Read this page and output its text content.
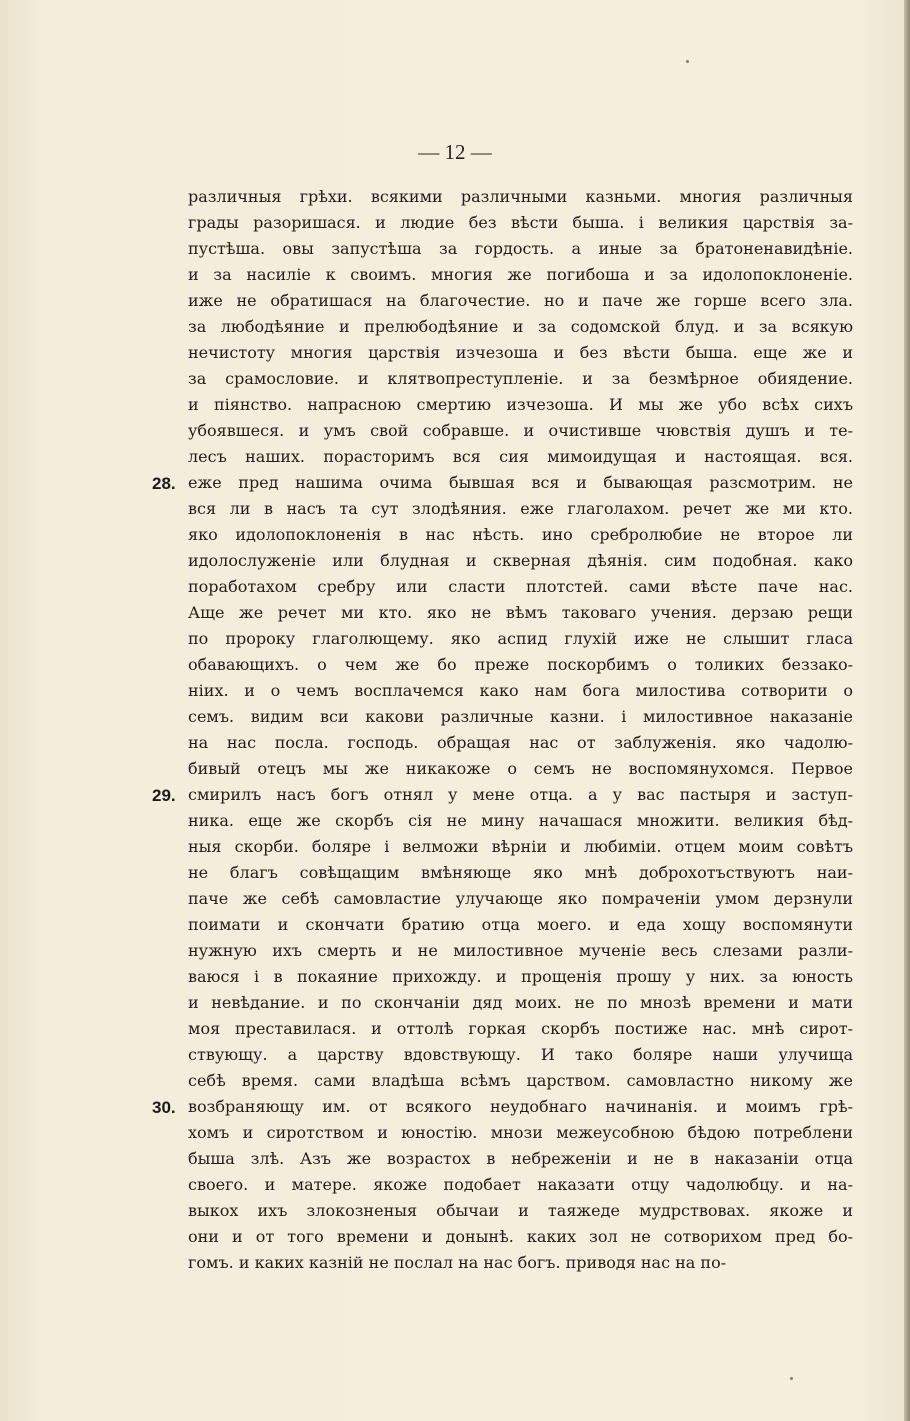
— 12 —
28.
29.
30.
различныя грѣхи. всякими различными казньми. многия различныя
грады разоришася. и людие без вѣсти быша. і великия царствія за-
пустѣша. овы запустѣша за гордость. а иные за братоненавидѣніе.
и за насиліе к своимъ. многия же погибоша и за идолопоклоненіе.
иже не обратишася на благочестие. но и паче же горше всего зла.
за любодѣяние и прелюбодѣяние и за содомской блуд. и за всякую
нечистоту многия царствія изчезоша и без вѣсти быша. еще же и
за срамословие. и клятвопреступленіе. и за безмѣрное обиядение.
и піянство. напрасною смертию изчезоша. И мы же убо всѣх сихъ
убоявшеся. и умъ свой собравше. и очистивше чювствія душъ и те-
лесъ наших. порасторимъ вся сия мимоидущая и настоящая. вся.
еже пред нашима очима бывшая вся и бывающая разсмотрим. не
вся ли в насъ та сут злодѣяния. еже глаголахом. речет же ми кто.
яко идолопоклоненія в нас нѣсть. ино сребролюбие не второе ли
идолослуженіе или блудная и скверная дѣянія. сим подобная. како
поработахом сребру или сласти плотстей. сами вѣсте паче нас.
Аще же речет ми кто. яко не вѣмъ таковаго учения. дерзаю рещи
по пророку глаголющему. яко аспид глухій иже не слышит гласа
обавающихъ. о чем же бо преже поскорбимъ о толиких беззако-
ніих. и о чемъ восплачемся како нам бога милостива сотворити о
семъ. видим вси какови различные казни. і милостивное наказаніе
на нас посла. господь. обращая нас от заблуженія. яко чадолю-
бивый отецъ мы же никакоже о семъ не воспомянухомся. Первое
смирилъ насъ богъ отнял у мене отца. а у вас пастыря и заступ-
ника. еще же скорбъ сія не мину начашася множити. великия бѣд-
ныя скорби. боляре і велможи вѣрніи и любиміи. отцем моим совѣтъ
не благъ совѣщащим вмѣняюще яко мнѣ доброхотъствуютъ наи-
паче же себѣ самовластие улучающе яко помраченіи умом дерзнули
поимати и скончати братию отца моего. и еда хощу воспомянути
нужную ихъ смерть и не милостивное мученіе весь слезами разли-
ваюся і в покаяние прихожду. и прощенія прошу у них. за юность
и невѣдание. и по скончаніи дяд моих. не по мнозѣ времени и мати
моя преставилася. и оттолѣ горкая скорбъ постиже нас. мнѣ сирот-
ствующу. а царству вдовствующу. И тако боляре наши улучища
себѣ время. сами владѣша всѣмъ царством. самовластно никому же
возбраняющу им. от всякого неудобнаго начинанія. и моимъ грѣ-
хомъ и сиротством и юностію. мнози межеусобною бѣдою потреблени
быша злѣ. Азъ же возрастох в небреженіи и не в наказаніи отца
своего. и матере. якоже подобает наказати отцу чадолюбцу. и на-
выкох ихъ злокозненыя обычаи и таяжеде мудрствовах. якоже и
они и от того времени и донынѣ. каких зол не сотворихом пред бо-
гомъ. и каких казній не послал на нас богъ. приводя нас на по-
